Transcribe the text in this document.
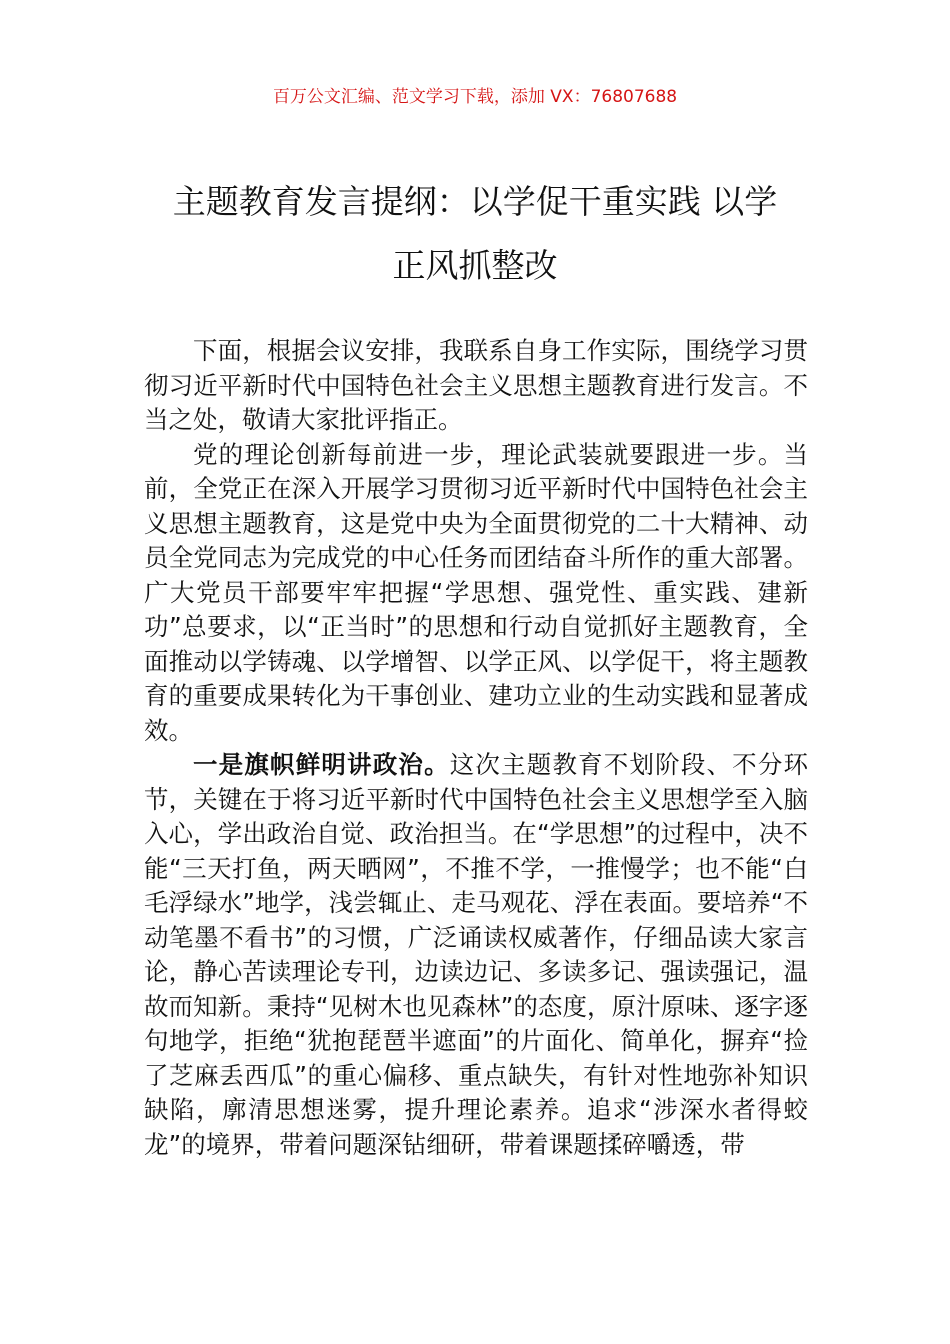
百万公文汇编、范文学习下载，添加 VX：76807688
主题教育发言提纲：以学促干重实践 以学
正风抓整改

下面，根据会议安排，我联系自身工作实际，围绕学习贯彻习近平新时代中国特色社会主义思想主题教育进行发言。不当之处，敬请大家批评指正。

党的理论创新每前进一步，理论武装就要跟进一步。当前，全党正在深入开展学习贯彻习近平新时代中国特色社会主义思想主题教育，这是党中央为全面贯彻党的二十大精神、动员全党同志为完成党的中心任务而团结奋斗所作的重大部署。广大党员干部要牢牢把握“学思想、强党性、重实践、建新功”总要求，以“正当时”的思想和行动自觉抓好主题教育，全面推动以学铸魂、以学增智、以学正风、以学促干，将主题教育的重要成果转化为干事创业、建功立业的生动实践和显著成效。

一是旗帜鲜明讲政治。这次主题教育不划阶段、不分环节，关键在于将习近平新时代中国特色社会主义思想学至入脑入心，学出政治自觉、政治担当。在“学思想”的过程中，决不能“三天打鱼，两天晒网”，不推不学，一推慢学；也不能“白毛浮绿水”地学，浅尝辄止、走马观花、浮在表面。要培养“不动笔墨不看书”的习惯，广泛诵读权威著作，仔细品读大家言论，静心苦读理论专刊，边读边记、多读多记、强读强记，温故而知新。秉持“见树木也见森林”的态度，原汁原味、逐字逐句地学，拒绝“犹抱琵琶半遮面”的片面化、简单化，摒弃“捡了芝麻丢西瓜”的重心偏移、重点缺失，有针对性地弥补知识缺陷，廓清思想迷雾，提升理论素养。追求“涉深水者得蛟龙”的境界，带着问题深钻细研，带着课题揉碎嚼透，带
